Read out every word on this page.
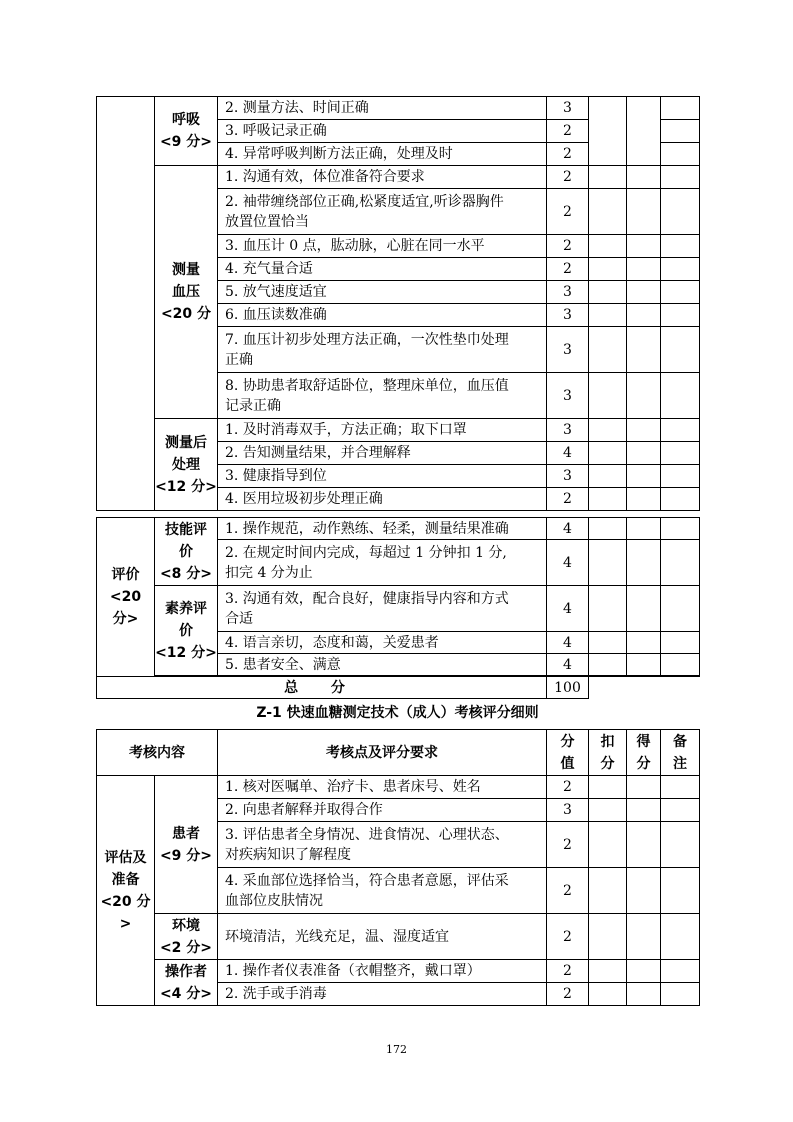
	呼吸
<9 分>	2. 测量方法、时间正确	3			
		3. 呼吸记录正确	2			
		4. 异常呼吸判断方法正确，处理及时	2			
	测量
血压
<20 分	1. 沟通有效，体位准备符合要求	2			
		2. 袖带缠绕部位正确,松紧度适宜,听诊器胸件
放置位置恰当	2			
		3. 血压计 0 点，肱动脉，心脏在同一水平	2			
		4. 充气量合适	2			
		5. 放气速度适宜	3			
		6. 血压读数准确	3			
		7. 血压计初步处理方法正确，一次性垫巾处理
正确	3			
		8. 协助患者取舒适卧位，整理床单位，血压值
记录正确	3			
	测量后
处理
<12 分>	1. 及时消毒双手，方法正确；取下口罩	3			
		2. 告知测量结果，并合理解释	4			
		3. 健康指导到位	3			
		4. 医用垃圾初步处理正确	2			
评价
<20
分>	技能评
价
<8 分>	1. 操作规范，动作熟练、轻柔，测量结果准确	4			
		2. 在规定时间内完成，每超过 1 分钟扣 1 分,
扣完 4 分为止	4			
	素养评
价
<12 分>	3. 沟通有效，配合良好，健康指导内容和方式
合适	4			
		4. 语言亲切，态度和蔼，关爱患者	4			
		5. 患者安全、满意	4			

总 分			100			
Z-1 快速血糖测定技术（成人）考核评分细则
考核内容		考核点及评分要求	分
值	扣
分	得
分	备
注
评估及
准备
<20 分>	患者
<9 分>	1. 核对医嘱单、治疗卡、患者床号、姓名	2			
		2. 向患者解释并取得合作	3			
		3. 评估患者全身情况、进食情况、心理状态、
对疾病知识了解程度	2			
		4. 采血部位选择恰当，符合患者意愿，评估采
血部位皮肤情况	2			
	环境
<2 分>	环境清洁，光线充足，温、湿度适宜	2			
	操作者
<4 分>	1. 操作者仪表准备（衣帽整齐，戴口罩）	2			
		2. 洗手或手消毒	2			
172
